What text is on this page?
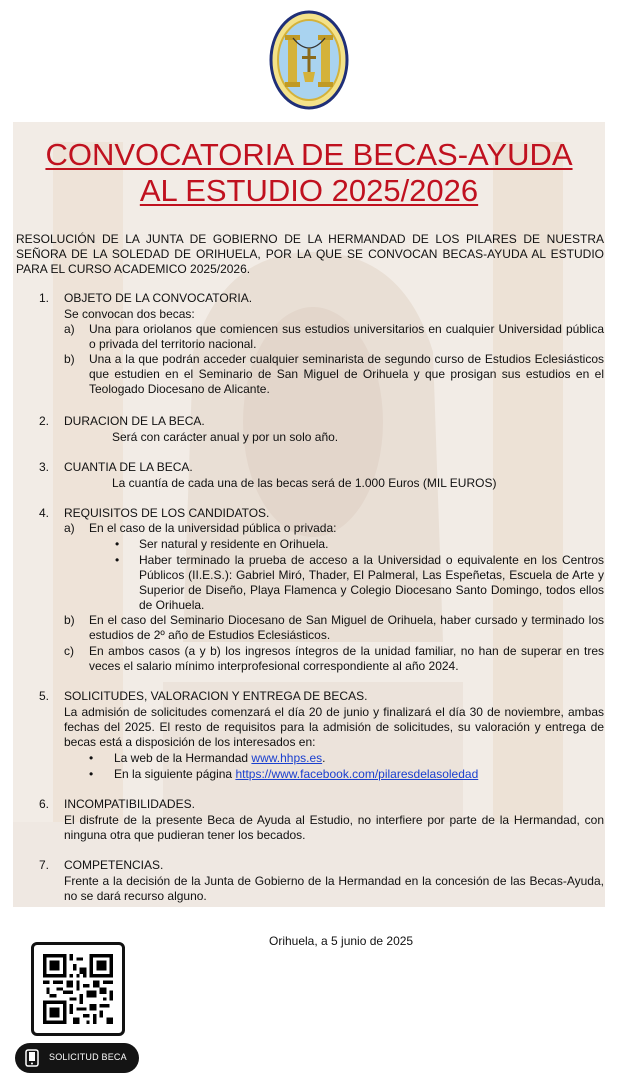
CONVOCATORIA DE BECAS-AYUDA
AL ESTUDIO 2025/2026
RESOLUCIÓN DE LA JUNTA DE GOBIERNO DE LA HERMANDAD DE LOS PILARES DE NUESTRA SEÑORA DE LA SOLEDAD DE ORIHUELA, POR LA QUE SE CONVOCAN BECAS-AYUDA AL ESTUDIO PARA EL CURSO ACADEMICO 2025/2026.
1. OBJETO DE LA CONVOCATORIA.
Se convocan dos becas:
a) Una para oriolanos que comiencen sus estudios universitarios en cualquier Universidad pública o privada del territorio nacional.
b) Una a la que podrán acceder cualquier seminarista de segundo curso de Estudios Eclesiásticos que estudien en el Seminario de San Miguel de Orihuela y que prosigan sus estudios en el Teologado Diocesano de Alicante.
2. DURACION DE LA BECA.
Será con carácter anual y por un solo año.
3. CUANTIA DE LA BECA.
La cuantía de cada una de las becas será de 1.000 Euros (MIL EUROS)
4. REQUISITOS DE LOS CANDIDATOS.
a) En el caso de la universidad pública o privada:
• Ser natural y residente en Orihuela.
• Haber terminado la prueba de acceso a la Universidad o equivalente en los Centros Públicos (II.E.S.): Gabriel Miró, Thader, El Palmeral, Las Espeñetas, Escuela de Arte y Superior de Diseño, Playa Flamenca y Colegio Diocesano Santo Domingo, todos ellos de Orihuela.
b) En el caso del Seminario Diocesano de San Miguel de Orihuela, haber cursado y terminado los estudios de 2º año de Estudios Eclesiásticos.
c) En ambos casos (a y b) los ingresos íntegros de la unidad familiar, no han de superar en tres veces el salario mínimo interprofesional correspondiente al año 2024.
5. SOLICITUDES, VALORACION Y ENTREGA DE BECAS.
La admisión de solicitudes comenzará el día 20 de junio y finalizará el día 30 de noviembre, ambas fechas del 2025. El resto de requisitos para la admisión de solicitudes, su valoración y entrega de becas está a disposición de los interesados en:
• La web de la Hermandad www.hhps.es.
• En la siguiente página https://www.facebook.com/pilaresdelasoledad
6. INCOMPATIBILIDADES.
El disfrute de la presente Beca de Ayuda al Estudio, no interfiere por parte de la Hermandad, con ninguna otra que pudieran tener los becados.
7. COMPETENCIAS.
Frente a la decisión de la Junta de Gobierno de la Hermandad en la concesión de las Becas-Ayuda, no se dará recurso alguno.
Orihuela, a 5 junio de 2025
SOLICITUD BECA
